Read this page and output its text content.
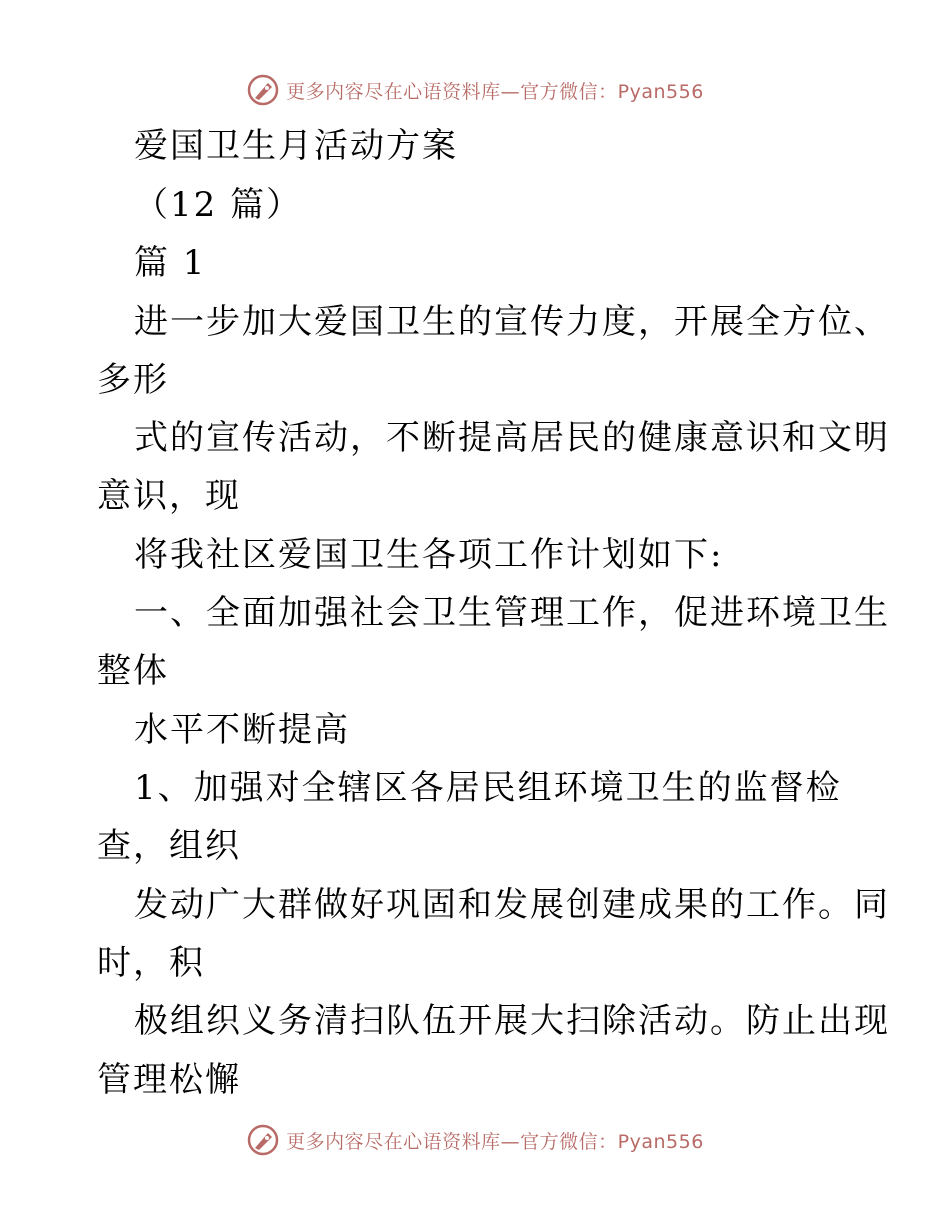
更多内容尽在心语资料库—官方微信：Pyan556
爱国卫生月活动方案
（12 篇）
篇 1
进一步加大爱国卫生的宣传力度，开展全方位、
多形
式的宣传活动，不断提高居民的健康意识和文明
意识，现
将我社区爱国卫生各项工作计划如下:
一、全面加强社会卫生管理工作，促进环境卫生
整体
水平不断提高
1、加强对全辖区各居民组环境卫生的监督检
查，组织
发动广大群做好巩固和发展创建成果的工作。同
时，积
极组织义务清扫队伍开展大扫除活动。防止出现
管理松懈
更多内容尽在心语资料库—官方微信：Pyan556
